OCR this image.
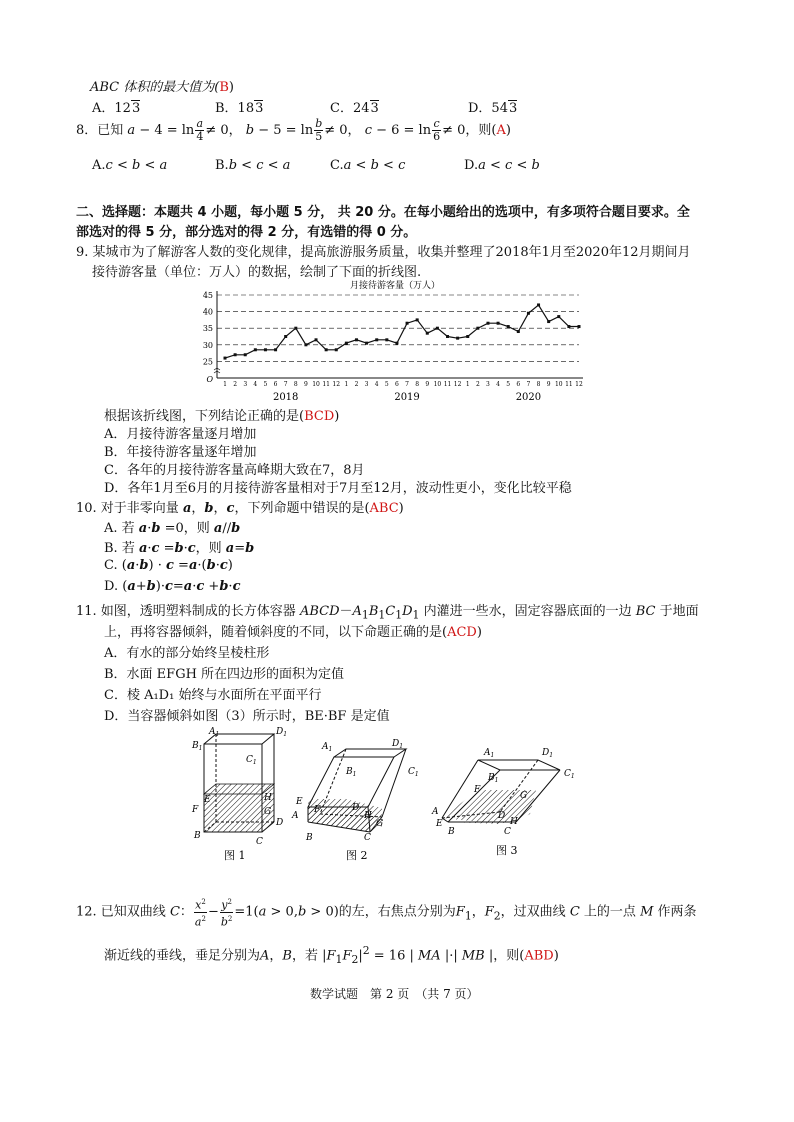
ABC 体积的最大值为(B)
A．123	B．183	C．243	D．543
8．已知 $a - 4 = \ln \frac{a}{4} \ne 0$， $b - 5 = \ln \frac{b}{5} \ne 0$， $c - 6 = \ln \frac{c}{6} \ne 0$，则(A)
A.c < b < a	B.b < c < a	C.a < b < c	D.a < c < b
二、选择题：本题共 4 小题，每小题 5 分， 共 20 分。在每小题给出的选项中，有多项符合题目要求。全
部选对的得 5 分，部分选对的得 2 分，有选错的得 0 分。
9. 某城市为了解游客人数的变化规律，提高旅游服务质量，收集并整理了2018年1月至2020年12月期间月
接待游客量（单位：万人）的数据，绘制了下面的折线图.
月接待游客量（万人）
25
30
35
40
45
O
1 2 3 4 5 6 7 8 9 10 11 12 1 2 3 4 5 6 7 8 9 10 11 12 1 2 3 4 5 6 7 8 9 10 11 12
2018	2019	2020
根据该折线图，下列结论正确的是(BCD)
A．月接待游客量逐月增加
B．年接待游客量逐年增加
C．各年的月接待游客量高峰期大致在7，8月
D．各年1月至6月的月接待游客量相对于7月至12月，波动性更小，变化比较平稳
10. 对于非零向量 a，b，c，下列命题中错误的是(ABC)
A. 若 a·b =0，则 a//b
B. 若 a·c =b·c，则 a=b
C. (a·b) · c =a·(b·c)
D. (a+b)·c=a·c +b·c
11. 如图，透明塑料制成的长方体容器 $ABCD-A_1B_1C_1D_1$ 内灌进一些水，固定容器底面的一边 BC 于地面
上，再将容器倾斜，随着倾斜度的不同，以下命题正确的是(ACD)
A．有水的部分始终呈棱柱形
B．水面 EFGH 所在四边形的面积为定值
C．棱 A₁D₁ 始终与水面所在平面平行
D．当容器倾斜如图（3）所示时，BE·BF 是定值
$A_1$	$D_1$
$B_1$
$C_1$
E
F
H
G
D
B
C
图 1
$A_1$
$D_1$
$B_1$	$C_1$
E
F
A
D
H
G
B	C
图 2
$A_1$	$D_1$
$B_1$
$C_1$
F
G
A
E
D
H
B	C
图 3
12. 已知双曲线 C： $\frac{x^2}{a^2} - \frac{y^2}{b^2} =1(a > 0,b > 0)$的左，右焦点分别为$F_1$，$F_2$，过双曲线 C 上的一点 M 作两条
渐近线的垂线，垂足分别为A，B，若 $|F_1F_2|^2 = 16$ | MA |·| MB |，则(ABD)
数学试题　第 2 页　（共 7 页）
